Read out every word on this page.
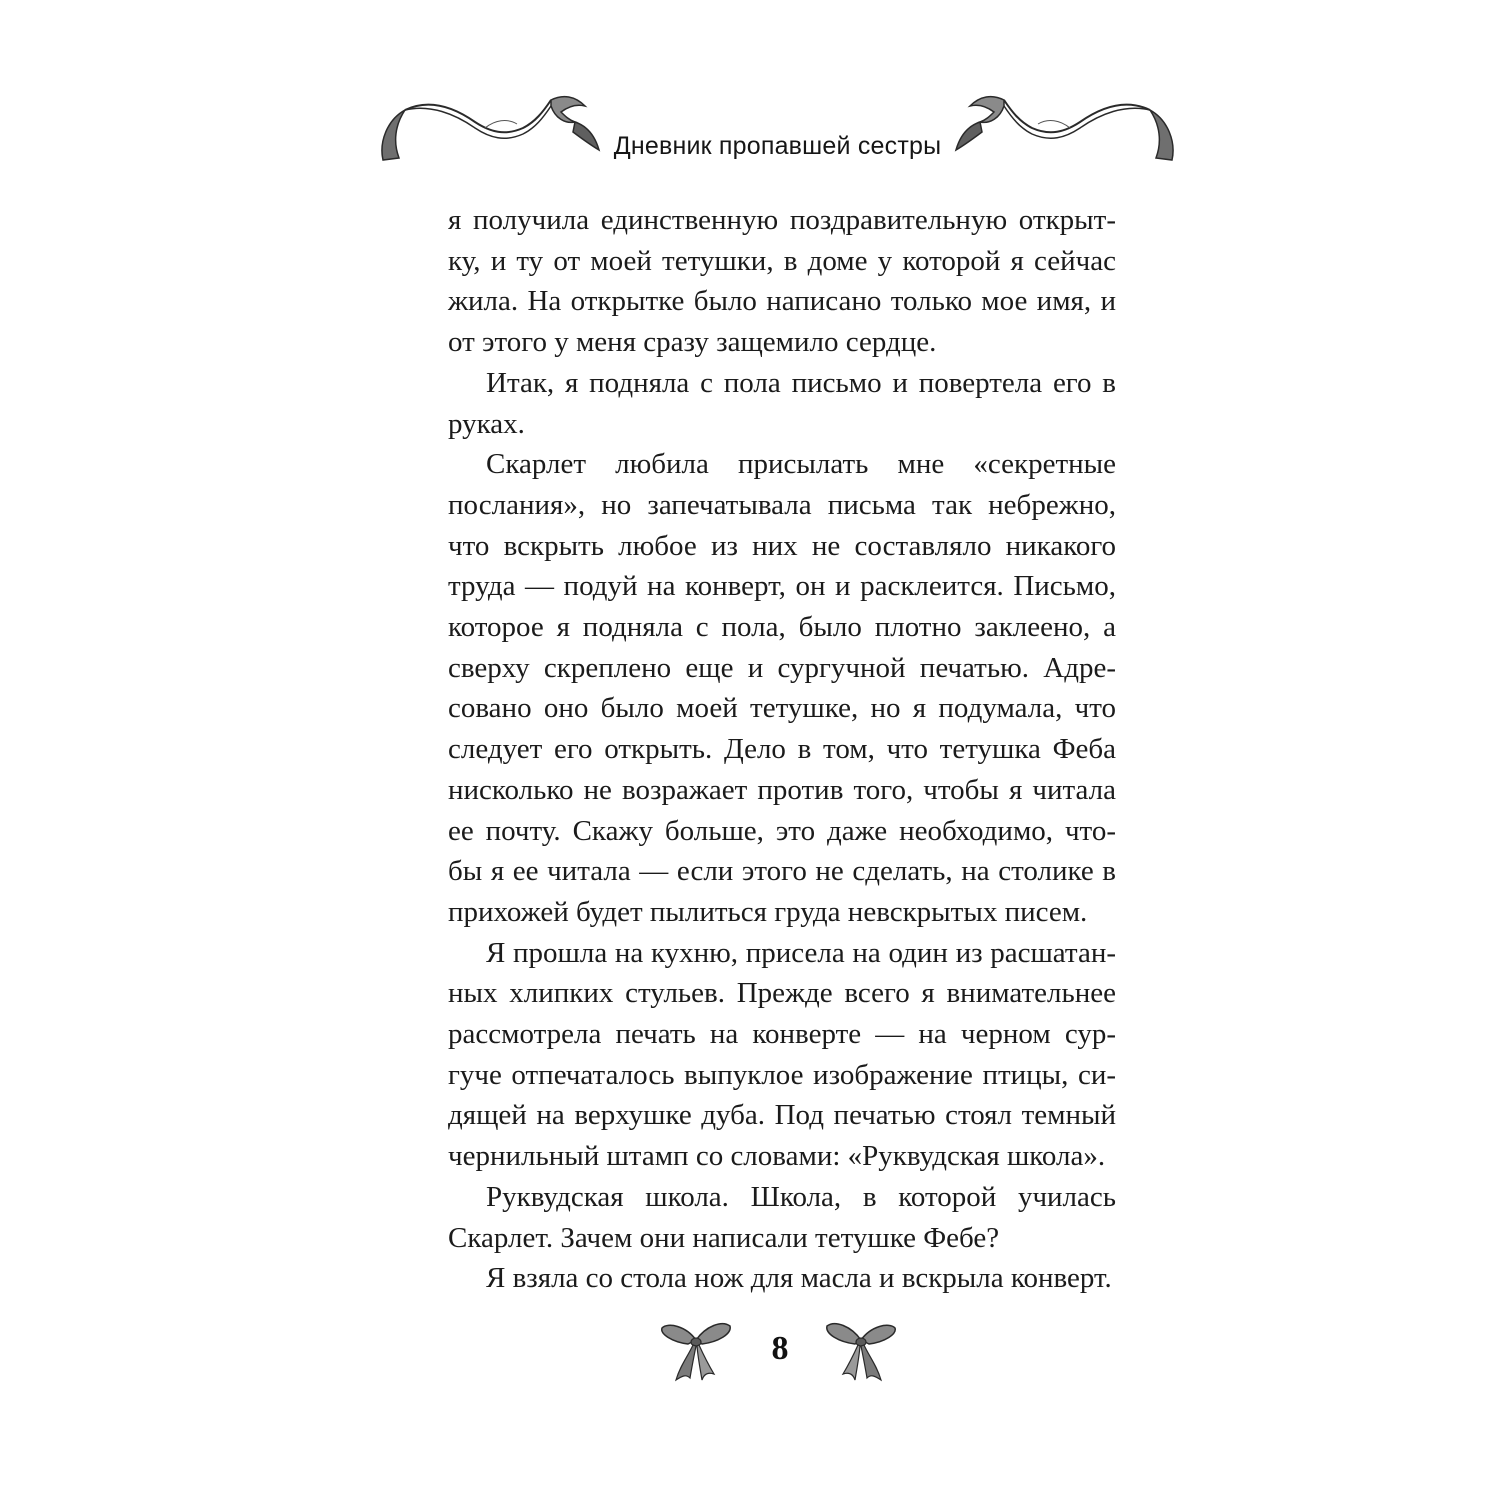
Дневник пропавшей сестры

я получила единственную поздравительную открыт-ку, и ту от моей тетушки, в доме у которой я сейчас жила. На открытке было написано только мое имя, и от этого у меня сразу защемило сердце.

Итак, я подняла с пола письмо и повертела его в руках.

Скарлет любила присылать мне «секретные послания», но запечатывала письма так небрежно, что вскрыть любое из них не составляло никакого труда — подуй на конверт, он и расклеится. Письмо, которое я подняла с пола, было плотно заклеено, а сверху скреплено еще и сургучной печатью. Адре-совано оно было моей тетушке, но я подумала, что следует его открыть. Дело в том, что тетушка Феба нисколько не возражает против того, чтобы я читала ее почту. Скажу больше, это даже необходимо, что-бы я ее читала — если этого не сделать, на столике в прихожей будет пылиться груда невскрытых писем.

Я прошла на кухню, присела на один из расшатан-ных хлипких стульев. Прежде всего я внимательнее рассмотрела печать на конверте — на черном сур-гуче отпечаталось выпуклое изображение птицы, си-дящей на верхушке дуба. Под печатью стоял темный чернильный штамп со словами: «Руквудская школа».

Руквудская школа. Школа, в которой училась Скарлет. Зачем они написали тетушке Фебе?

Я взяла со стола нож для масла и вскрыла конверт.

8
